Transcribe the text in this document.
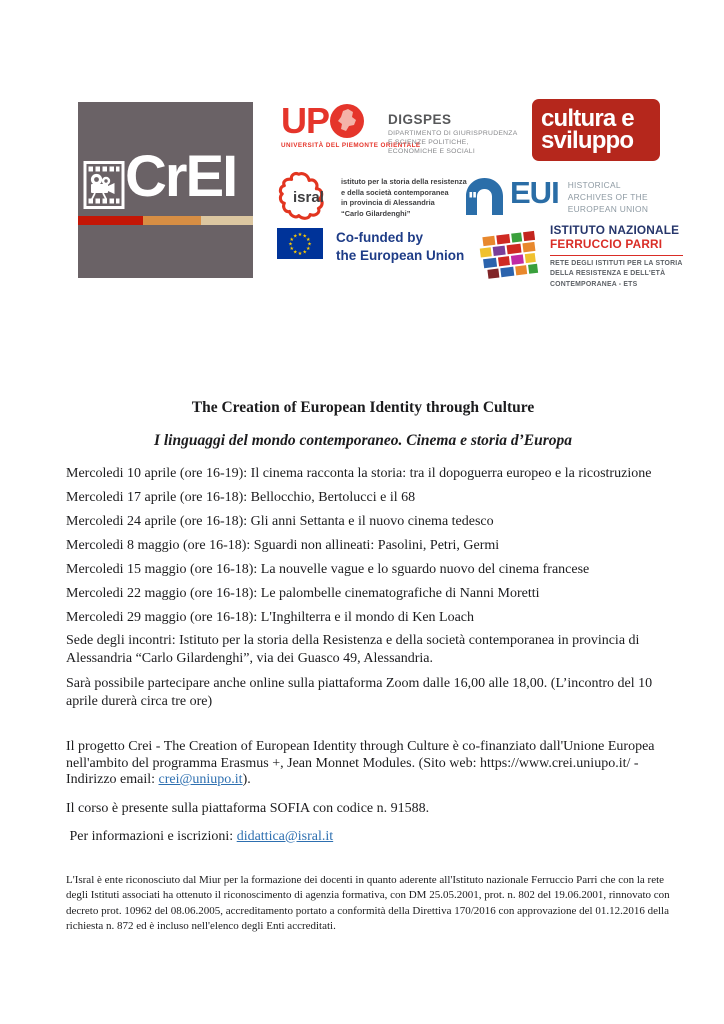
CrEI
UP
UNIVERSITÀ DEL PIEMONTE ORIENTALE
DIGSPES
DIPARTIMENTO DI GIURISPRUDENZA
E SCIENZE POLITICHE,
ECONOMICHE E SOCIALI
cultura e
sviluppo
isral
istituto per la storia della resistenza
e della società contemporanea
in provincia di Alessandria
“Carlo Gilardenghi”
EUI HISTORICAL
ARCHIVES OF THE
EUROPEAN UNION
★ ★
★
★
★
★
★
★
★
★
★
★	Co-funded by
the European Union
ISTITUTO NAZIONALE
FERRUCCIO PARRI
RETE DEGLI ISTITUTI PER LA STORIA
DELLA RESISTENZA E DELL'ETÀ
CONTEMPORANEA - ETS

The Creation of European Identity through Culture

I linguaggi del mondo contemporaneo. Cinema e storia d’Europa

Mercoledi 10 aprile (ore 16-19): Il cinema racconta la storia: tra il dopoguerra europeo e la ricostruzione

Mercoledi 17 aprile (ore 16-18): Bellocchio, Bertolucci e il 68

Mercoledi 24 aprile (ore 16-18): Gli anni Settanta e il nuovo cinema tedesco

Mercoledi 8 maggio (ore 16-18): Sguardi non allineati: Pasolini, Petri, Germi

Mercoledi 15 maggio (ore 16-18): La nouvelle vague e lo sguardo nuovo del cinema francese

Mercoledi 22 maggio (ore 16-18): Le palombelle cinematografiche di Nanni Moretti

Mercoledi 29 maggio (ore 16-18): L'Inghilterra e il mondo di Ken Loach

Sede degli incontri: Istituto per la storia della Resistenza e della società contemporanea in provincia di Alessandria “Carlo Gilardenghi”, via dei Guasco 49, Alessandria.

Sarà possibile partecipare anche online sulla piattaforma Zoom dalle 16,00 alle 18,00. (L’incontro del 10 aprile durerà circa tre ore)

Il progetto Crei - The Creation of European Identity through Culture è co-finanziato dall'Unione Europea nell'ambito del programma Erasmus +, Jean Monnet Modules. (Sito web: https://www.crei.uniupo.it/ - Indirizzo email: crei@uniupo.it).

Il corso è presente sulla piattaforma SOFIA con codice n. 91588.

Per informazioni e iscrizioni: didattica@isral.it

L'Isral è ente riconosciuto dal Miur per la formazione dei docenti in quanto aderente all'Istituto nazionale Ferruccio Parri che con la rete degli Istituti associati ha ottenuto il riconoscimento di agenzia formativa, con DM 25.05.2001, prot. n. 802 del 19.06.2001, rinnovato con decreto prot. 10962 del 08.06.2005, accreditamento portato a conformità della Direttiva 170/2016 con approvazione del 01.12.2016 della richiesta n. 872 ed è incluso nell'elenco degli Enti accreditati.
